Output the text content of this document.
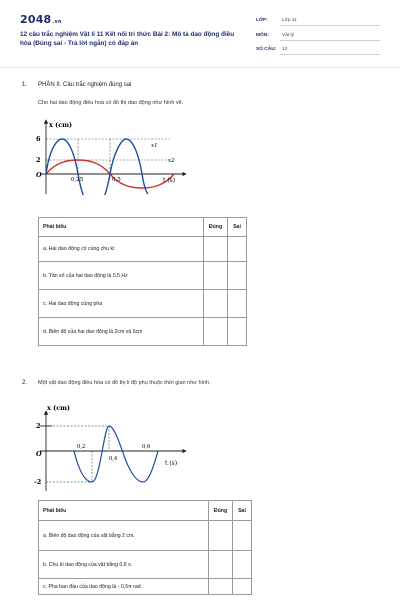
2048.vn
12 câu trắc nghiệm Vật lí 11 Kết nối tri thức Bài 2: Mô tả dao động điều hòa (Đúng sai - Trả lời ngắn) có đáp án
LỚP:	Lớp 11
MÔN:	Vật lý
SỐ CÂU: 12
1. PHẦN II. Câu trắc nghiệm đúng sai
Cho hai dao động điều hoà có đồ thị dao động như hình vẽ.
x (cm)
t (s)
6
2
O
0,25	0,5
x1
x2
Phát biểu	Đúng	Sai
a. Hai dao động có cùng chu kì		
b. Tần số của hai dao động là 0,5 Hz		
c. Hai dao động cùng pha		
d. Biên độ của hai dao động là 2cm và 6cm		
2. Một vật dao động điều hòa có đồ thị li độ phụ thuộc thời gian như hình.
x (cm)
t (s)
2
-2
O
0,2
0,4
0,6
Phát biểu	Đúng	Sai
a. Biên độ dao động của vật bằng 2 cm.		
b. Chu kì dao động của vật bằng 0,6 s.		
c. Pha ban đầu của dao động là - 0,5π rad.		
